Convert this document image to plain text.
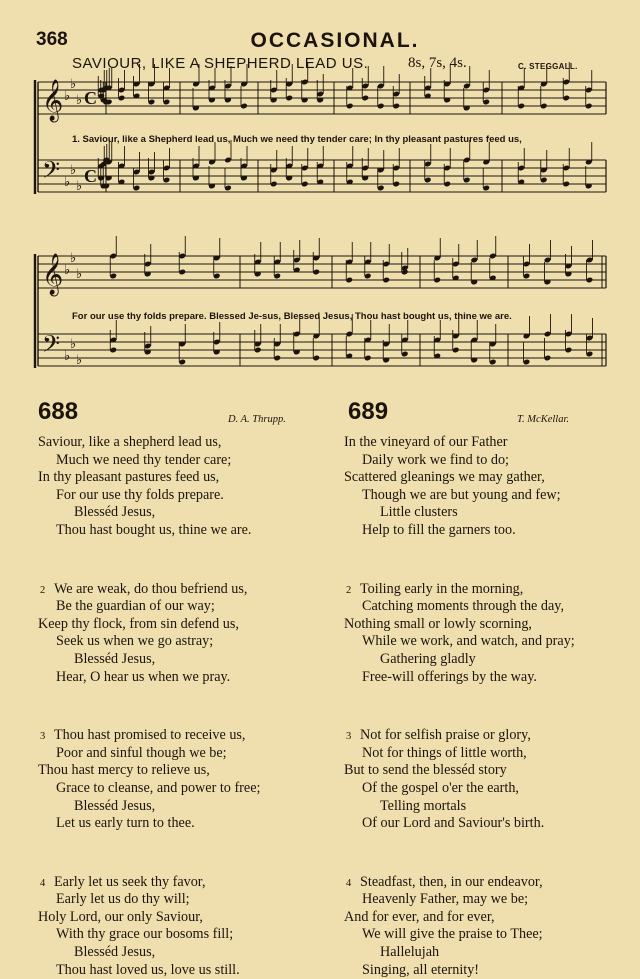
368	OCCASIONAL.
SAVIOUR, LIKE A SHEPHERD LEAD US.	8s, 7s, 4s.	C. STEGGALL.
𝄞
𝄢
♭
♭
♭
♭
♭
♭
C
C
𝄞
𝄢
♭
♭
♭
♭
♭
♭
1. Saviour, like a Shepherd lead us, Much we need thy tender care; In thy pleasant pastures feed us,
For our use thy folds prepare. Blessed Je-sus, Blessed Jesus, Thou hast bought us, thine we are.
688	D. A. Thrupp.	689	T. McKellar.
Saviour, like a shepherd lead us,
Much we need thy tender care;
In thy pleasant pastures feed us,
For our use thy folds prepare.
Blesséd Jesus,
Thou hast bought us, thine we are.
2 We are weak, do thou befriend us,
Be the guardian of our way;
Keep thy flock, from sin defend us,
Seek us when we go astray;
Blesséd Jesus,
Hear, O hear us when we pray.
3 Thou hast promised to receive us,
Poor and sinful though we be;
Thou hast mercy to relieve us,
Grace to cleanse, and power to free;
Blesséd Jesus,
Let us early turn to thee.
4 Early let us seek thy favor,
Early let us do thy will;
Holy Lord, our only Saviour,
With thy grace our bosoms fill;
Blesséd Jesus,
Thou hast loved us, love us still.
In the vineyard of our Father
Daily work we find to do;
Scattered gleanings we may gather,
Though we are but young and few;
Little clusters
Help to fill the garners too.
2 Toiling early in the morning,
Catching moments through the day,
Nothing small or lowly scorning,
While we work, and watch, and pray;
Gathering gladly
Free-will offerings by the way.
3 Not for selfish praise or glory,
Not for things of little worth,
But to send the blesséd story
Of the gospel o'er the earth,
Telling mortals
Of our Lord and Saviour's birth.
4 Steadfast, then, in our endeavor,
Heavenly Father, may we be;
And for ever, and for ever,
We will give the praise to Thee;
Hallelujah
Singing, all eternity!
